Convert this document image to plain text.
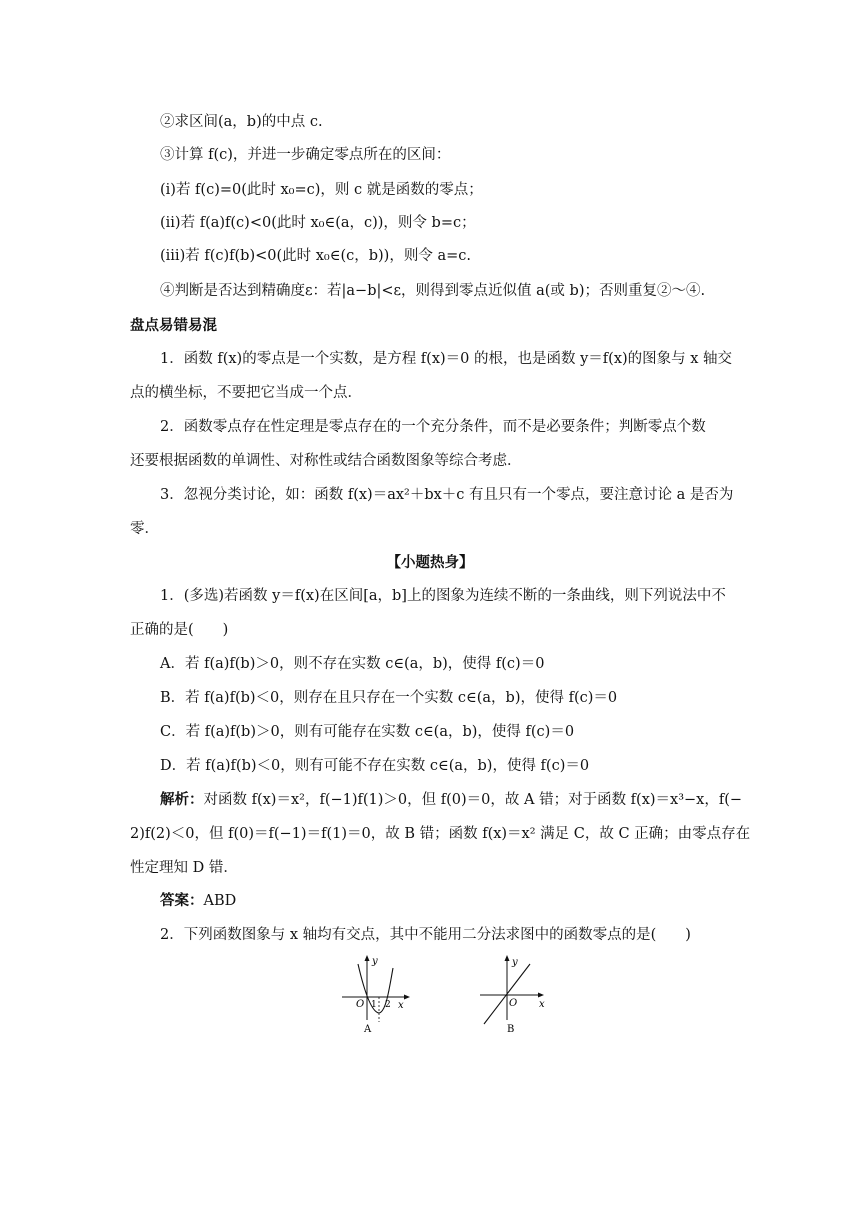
②求区间(a，b)的中点 c.
③计算 f(c)，并进一步确定零点所在的区间：
(ⅰ)若 f(c)=0(此时 x₀=c)，则 c 就是函数的零点；
(ⅱ)若 f(a)f(c)<0(此时 x₀∈(a，c))，则令 b=c；
(ⅲ)若 f(c)f(b)<0(此时 x₀∈(c，b))，则令 a=c.
④判断是否达到精确度ε：若|a−b|<ε，则得到零点近似值 a(或 b)；否则重复②～④.
盘点易错易混
1．函数 f(x)的零点是一个实数，是方程 f(x)＝0 的根，也是函数 y＝f(x)的图象与 x 轴交
点的横坐标，不要把它当成一个点．
2．函数零点存在性定理是零点存在的一个充分条件，而不是必要条件；判断零点个数
还要根据函数的单调性、对称性或结合函数图象等综合考虑．
3．忽视分类讨论，如：函数 f(x)＝ax²＋bx＋c 有且只有一个零点，要注意讨论 a 是否为
零．
【小题热身】
1．(多选)若函数 y＝f(x)在区间[a，b]上的图象为连续不断的一条曲线，则下列说法中不
正确的是(　　)
A．若 f(a)f(b)＞0，则不存在实数 c∈(a，b)，使得 f(c)＝0
B．若 f(a)f(b)＜0，则存在且只存在一个实数 c∈(a，b)，使得 f(c)＝0
C．若 f(a)f(b)＞0，则有可能存在实数 c∈(a，b)，使得 f(c)＝0
D．若 f(a)f(b)＜0，则有可能不存在实数 c∈(a，b)，使得 f(c)＝0
解析：对函数 f(x)＝x²，f(−1)f(1)＞0，但 f(0)＝0，故 A 错；对于函数 f(x)＝x³−x，f(−
2)f(2)＜0，但 f(0)＝f(−1)＝f(1)＝0，故 B 错；函数 f(x)＝x² 满足 C，故 C 正确；由零点存在
性定理知 D 错．
答案：ABD
2．下列函数图象与 x 轴均有交点，其中不能用二分法求图中的函数零点的是(　　)
y
x
O 1 2
A
y
x
O
B
